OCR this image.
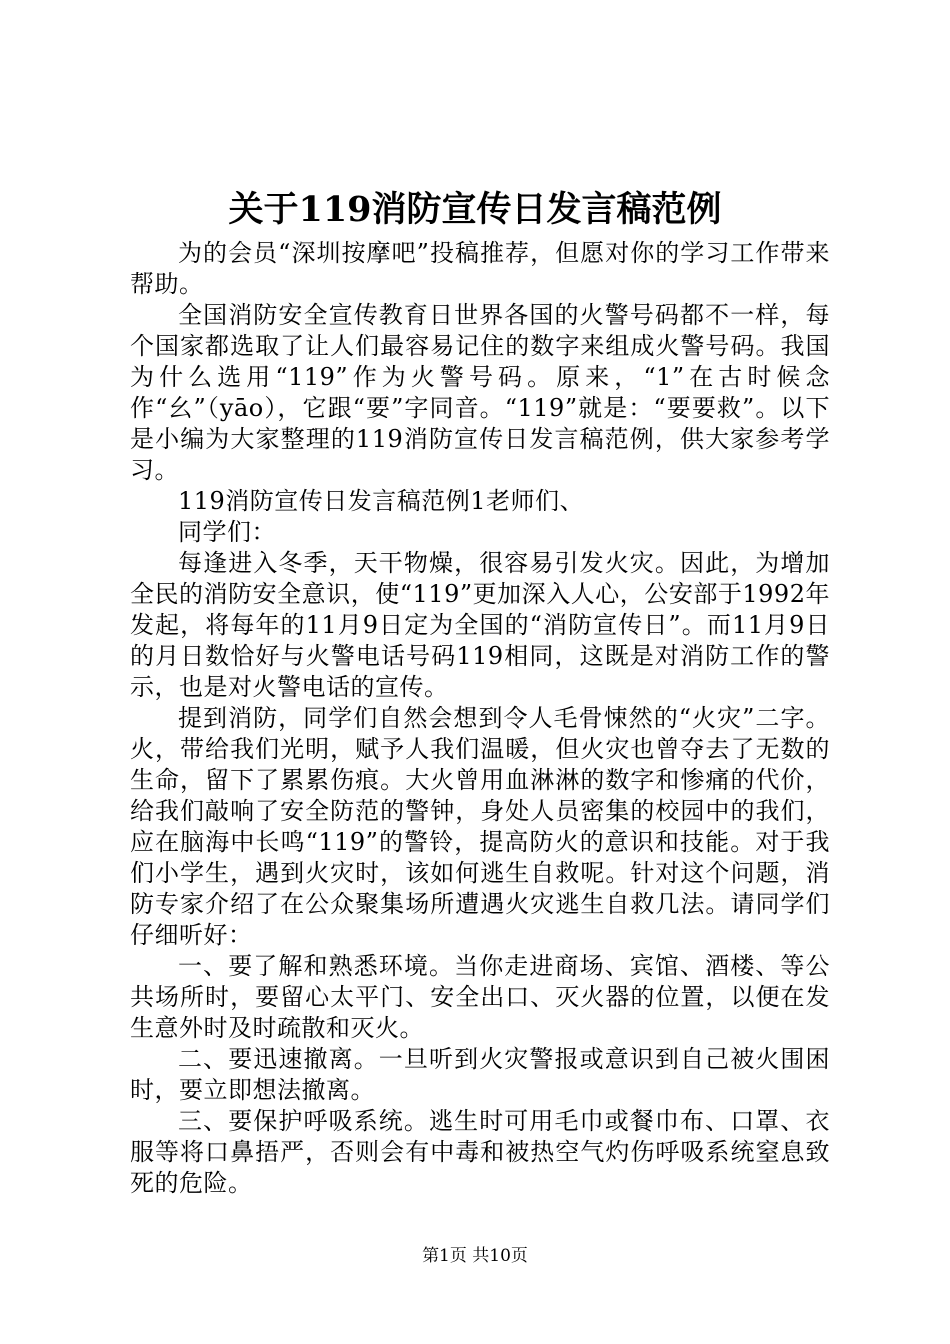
关于119消防宣传日发言稿范例

为的会员“深圳按摩吧”投稿推荐，但愿对你的学习工作带来帮助。

全国消防安全宣传教育日世界各国的火警号码都不一样，每个国家都选取了让人们最容易记住的数字来组成火警号码。我国为什么选用“119”作为火警号码。原来，“1”在古时候念作“幺”（yāo），它跟“要”字同音。“119”就是：“要要救”。以下是小编为大家整理的119消防宣传日发言稿范例，供大家参考学习。

119消防宣传日发言稿范例1老师们、

同学们：

每逢进入冬季，天干物燥，很容易引发火灾。因此，为增加全民的消防安全意识，使“119”更加深入人心，公安部于1992年发起，将每年的11月9日定为全国的“消防宣传日”。而11月9日的月日数恰好与火警电话号码119相同，这既是对消防工作的警示，也是对火警电话的宣传。

提到消防，同学们自然会想到令人毛骨悚然的“火灾”二字。火，带给我们光明，赋予人我们温暖，但火灾也曾夺去了无数的生命，留下了累累伤痕。大火曾用血淋淋的数字和惨痛的代价，给我们敲响了安全防范的警钟，身处人员密集的校园中的我们，应在脑海中长鸣“119”的警铃，提高防火的意识和技能。对于我们小学生，遇到火灾时，该如何逃生自救呢。针对这个问题，消防专家介绍了在公众聚集场所遭遇火灾逃生自救几法。请同学们仔细听好：

一、要了解和熟悉环境。当你走进商场、宾馆、酒楼、等公共场所时，要留心太平门、安全出口、灭火器的位置，以便在发生意外时及时疏散和灭火。

二、要迅速撤离。一旦听到火灾警报或意识到自己被火围困时，要立即想法撤离。

三、要保护呼吸系统。逃生时可用毛巾或餐巾布、口罩、衣服等将口鼻捂严，否则会有中毒和被热空气灼伤呼吸系统窒息致死的危险。

第1页 共10页
